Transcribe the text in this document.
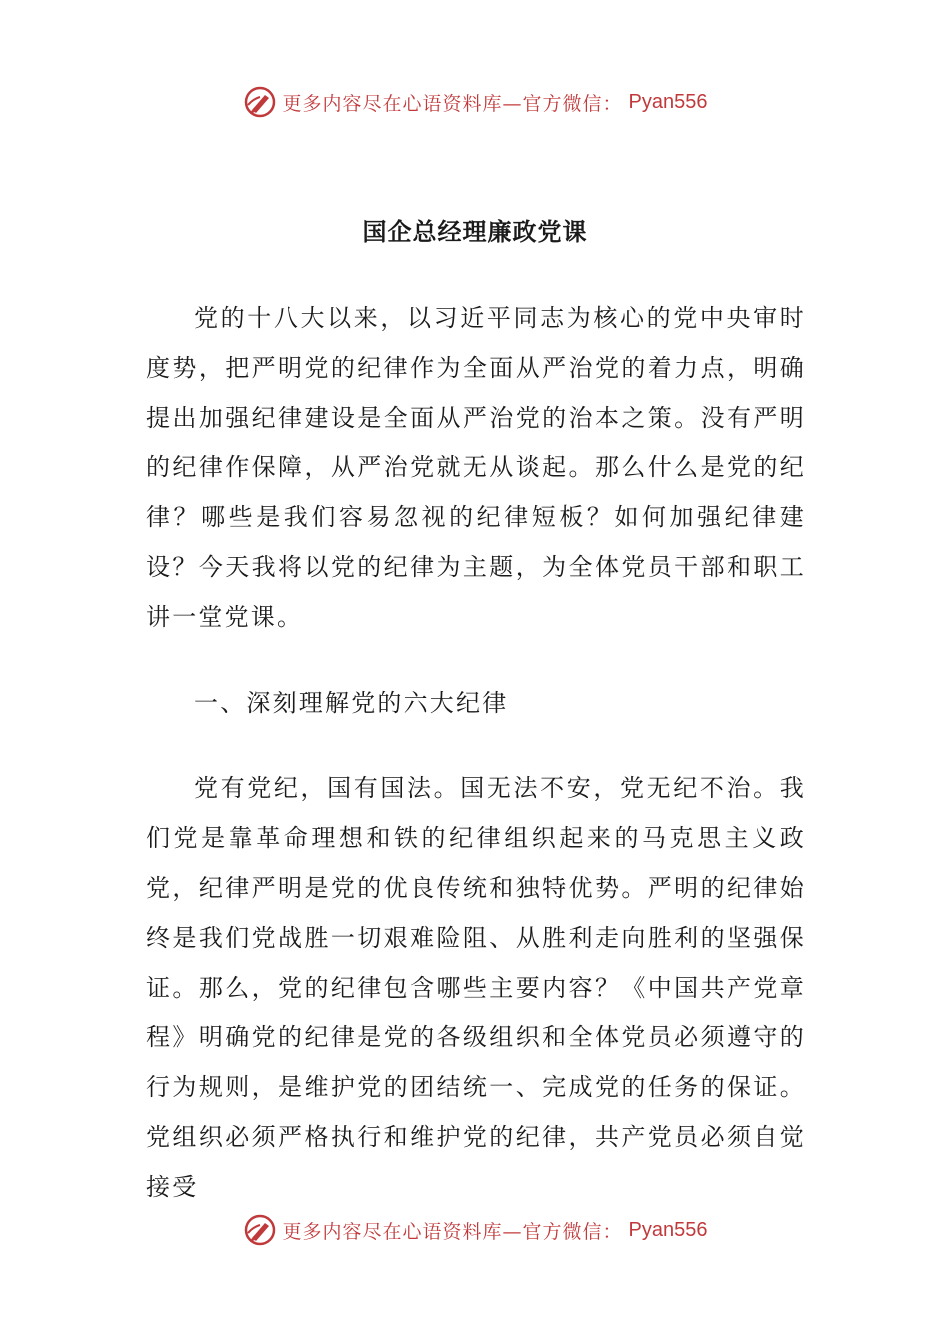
更多内容尽在心语资料库—官方微信： Pyan556
国企总经理廉政党课

党的十八大以来，以习近平同志为核心的党中央审时度势，把严明党的纪律作为全面从严治党的着力点，明确提出加强纪律建设是全面从严治党的治本之策。没有严明的纪律作保障，从严治党就无从谈起。那么什么是党的纪律？哪些是我们容易忽视的纪律短板？如何加强纪律建设？今天我将以党的纪律为主题，为全体党员干部和职工讲一堂党课。

一、深刻理解党的六大纪律

党有党纪，国有国法。国无法不安，党无纪不治。我们党是靠革命理想和铁的纪律组织起来的马克思主义政党，纪律严明是党的优良传统和独特优势。严明的纪律始终是我们党战胜一切艰难险阻、从胜利走向胜利的坚强保证。那么，党的纪律包含哪些主要内容？《中国共产党章程》明确党的纪律是党的各级组织和全体党员必须遵守的行为规则，是维护党的团结统一、完成党的任务的保证。党组织必须严格执行和维护党的纪律，共产党员必须自觉接受

更多内容尽在心语资料库—官方微信： Pyan556
